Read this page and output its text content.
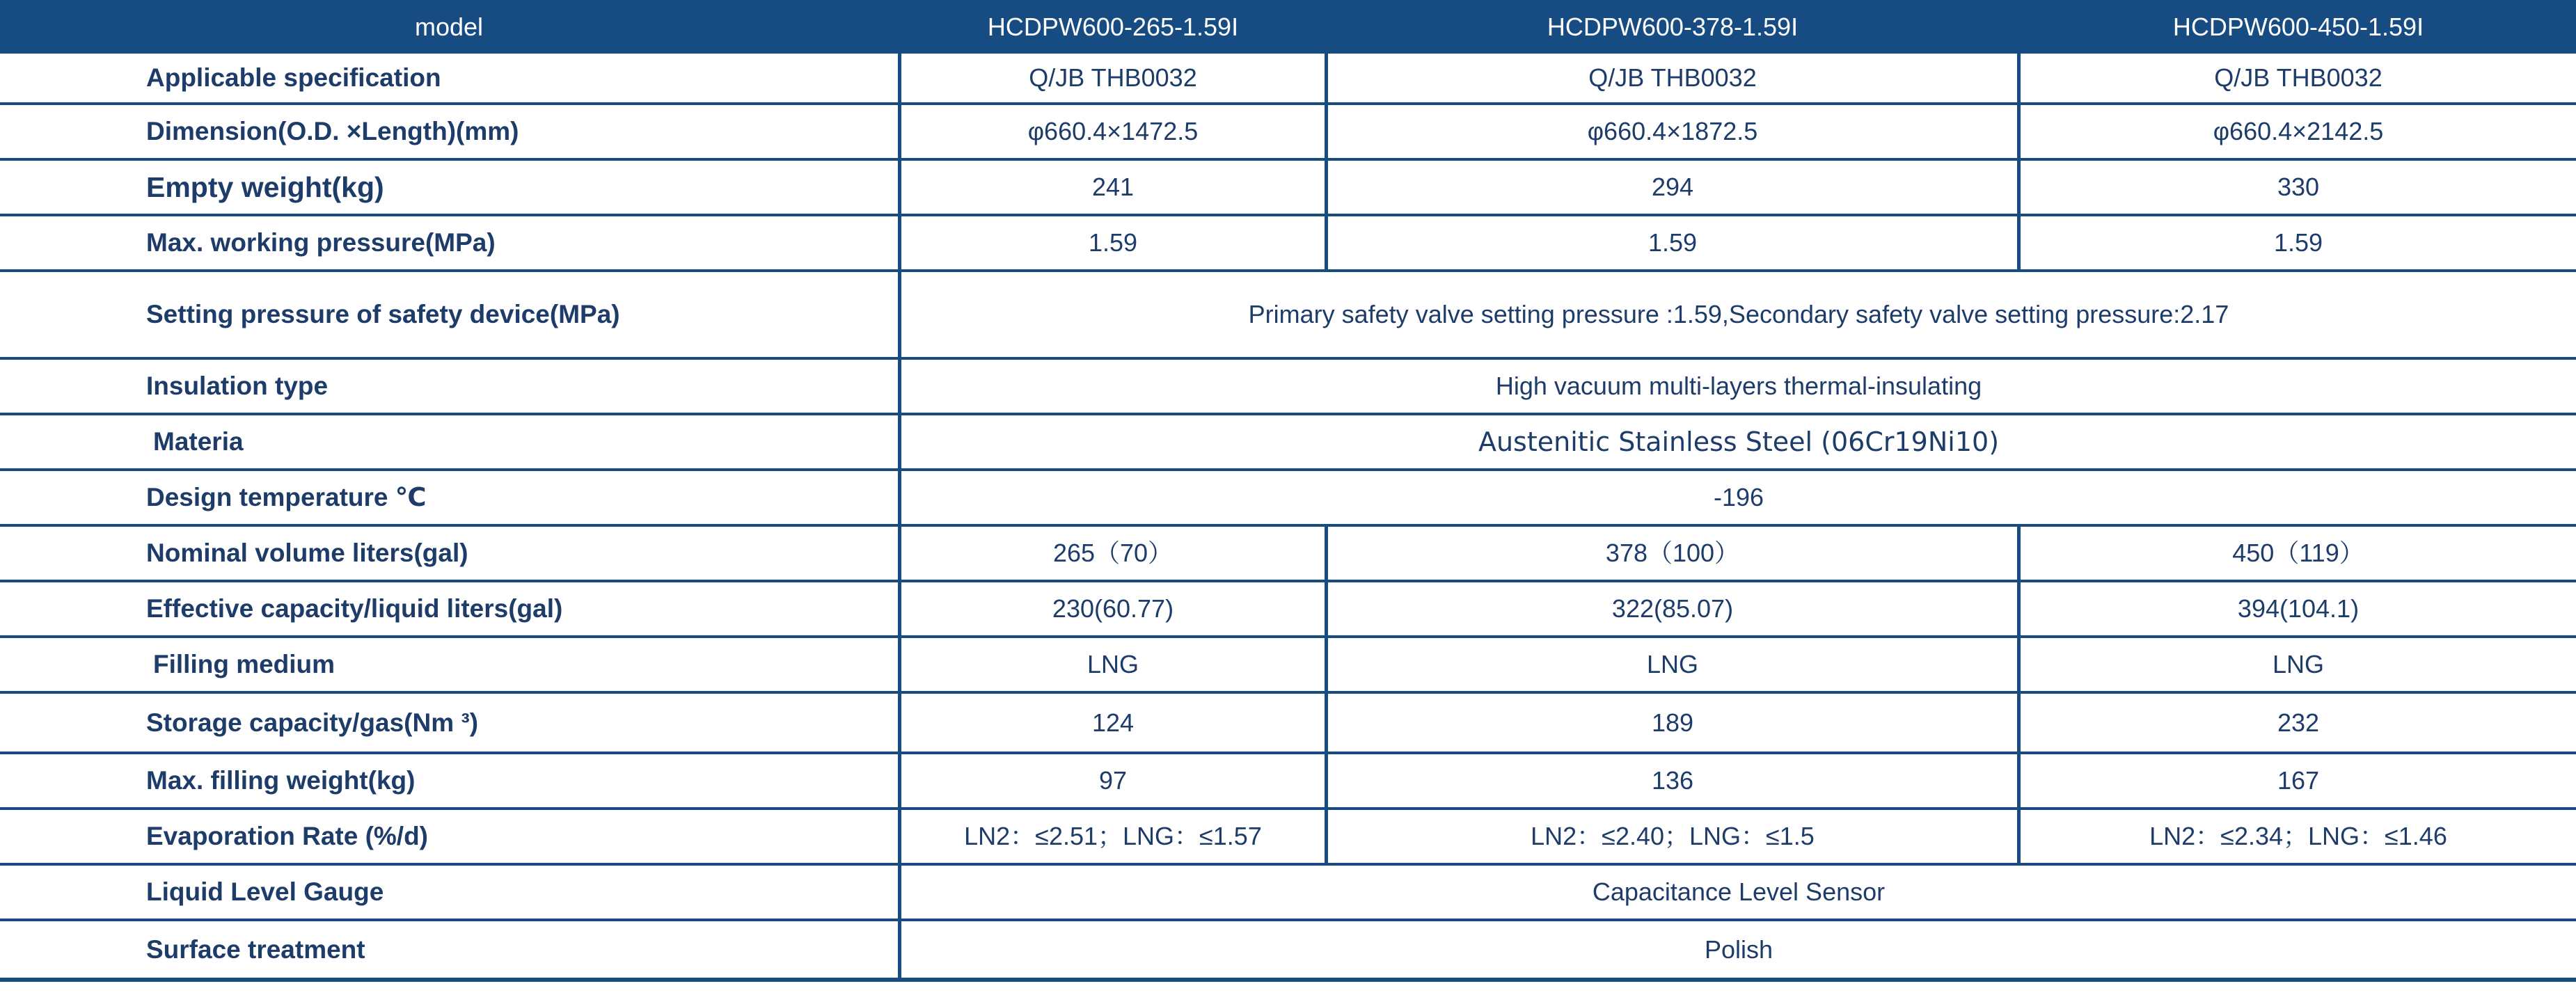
model	HCDPW600-265-1.59I	HCDPW600-378-1.59I	HCDPW600-450-1.59I
Applicable specification	Q/JB THB0032	Q/JB THB0032	Q/JB THB0032
Dimension(O.D. ×Length)(mm)	φ660.4×1472.5	φ660.4×1872.5	φ660.4×2142.5
Empty weight(kg)	241	294	330
Max. working pressure(MPa)	1.59	1.59	1.59
Setting pressure of safety device(MPa)	Primary safety valve setting pressure :1.59,Secondary safety valve setting pressure:2.17
Insulation type	High vacuum multi-layers thermal-insulating
Materia	Austenitic Stainless Steel (06Cr19Ni10)
Design temperature ℃	-196
Nominal volume liters(gal)	265（70）	378（100）	450（119）
Effective capacity/liquid liters(gal)	230(60.77)	322(85.07)	394(104.1)
Filling medium	LNG	LNG	LNG
Storage capacity/gas(Nm ³)	124	189	232
Max. filling weight(kg)	97	136	167
Evaporation Rate (%/d)	LN2：≤2.51；LNG：≤1.57	LN2：≤2.40；LNG：≤1.5	LN2：≤2.34；LNG：≤1.46
Liquid Level Gauge	Capacitance Level Sensor
Surface treatment	Polish
